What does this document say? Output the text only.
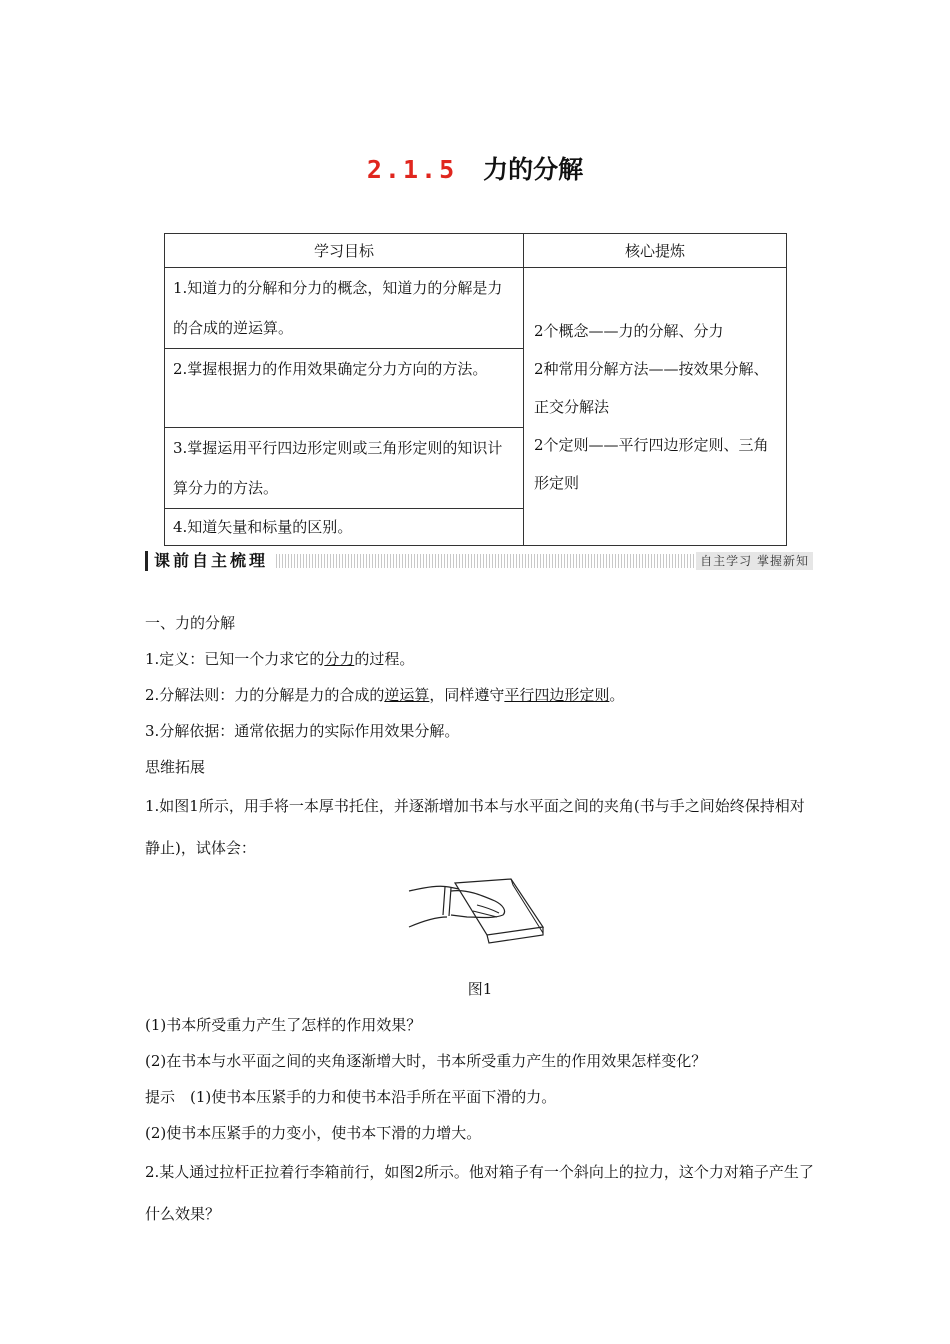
2.1.5 力的分解
学习目标	核心提炼

1.知道力的分解和分力的概念，知道力的分解是力的合成的逆运算。	2个概念——力的分解、分力
2种常用分解方法——按效果分解、正交分解法
2个定则——平行四边形定则、三角形定则

2.掌握根据力的作用效果确定分力方向的方法。	

3.掌握运用平行四边形定则或三角形定则的知识计算分力的方法。	

4.知道矢量和标量的区别。	
课前自主梳理	自主学习 掌握新知
一、力的分解
1.定义：已知一个力求它的分力的过程。
2.分解法则：力的分解是力的合成的逆运算，同样遵守平行四边形定则。
3.分解依据：通常依据力的实际作用效果分解。
思维拓展
1.如图1所示，用手将一本厚书托住，并逐渐增加书本与水平面之间的夹角(书与手之间始终保持相对静止)，试体会：
图1
(1)书本所受重力产生了怎样的作用效果？
(2)在书本与水平面之间的夹角逐渐增大时，书本所受重力产生的作用效果怎样变化？
提示　(1)使书本压紧手的力和使书本沿手所在平面下滑的力。
(2)使书本压紧手的力变小，使书本下滑的力增大。
2.某人通过拉杆正拉着行李箱前行，如图2所示。他对箱子有一个斜向上的拉力，这个力对箱子产生了什么效果？
